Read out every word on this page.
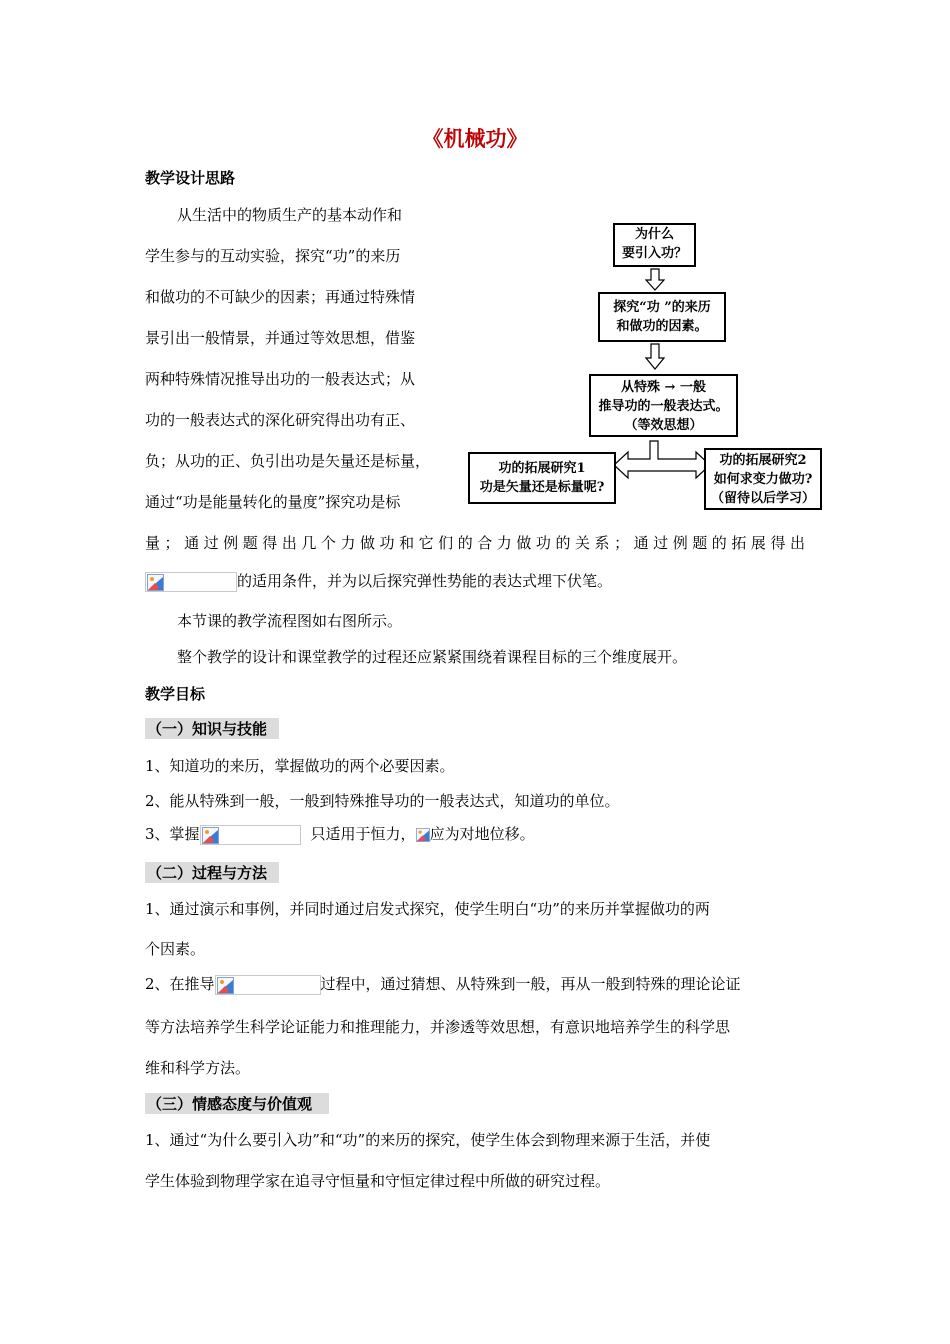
《机械功》
教学设计思路
从生活中的物质生产的基本动作和
学生参与的互动实验，探究“功”的来历
和做功的不可缺少的因素；再通过特殊情
景引出一般情景，并通过等效思想，借鉴
两种特殊情况推导出功的一般表达式；从
功的一般表达式的深化研究得出功有正、
负；从功的正、负引出功是矢量还是标量，
通过“功是能量转化的量度”探究功是标
量；通过例题得出几个力做功和它们的合力做功的关系；通过例题的拓展得出
的适用条件，并为以后探究弹性势能的表达式埋下伏笔。
本节课的教学流程图如右图所示。
整个教学的设计和课堂教学的过程还应紧紧围绕着课程目标的三个维度展开。
为什么
要引入功？
探究“功 ”的来历
和做功的因素。
从特殊 → 一般
推导功的一般表达式。
（等效思想）
功的拓展研究1
功是矢量还是标量呢?
功的拓展研究2
如何求变力做功?
（留待以后学习）
教学目标
（一）知识与技能
1、知道功的来历，掌握做功的两个必要因素。
2、能从特殊到一般，一般到特殊推导功的一般表达式，知道功的单位。
3、掌握	只适用于恒力， 应为对地位移。
（二）过程与方法
1、通过演示和事例，并同时通过启发式探究，使学生明白“功”的来历并掌握做功的两
个因素。
2、在推导	过程中，通过猜想、从特殊到一般，再从一般到特殊的理论论证
等方法培养学生科学论证能力和推理能力，并渗透等效思想，有意识地培养学生的科学思
维和科学方法。
（三）情感态度与价值观
1、通过“为什么要引入功”和“功”的来历的探究，使学生体会到物理来源于生活，并使
学生体验到物理学家在追寻守恒量和守恒定律过程中所做的研究过程。
